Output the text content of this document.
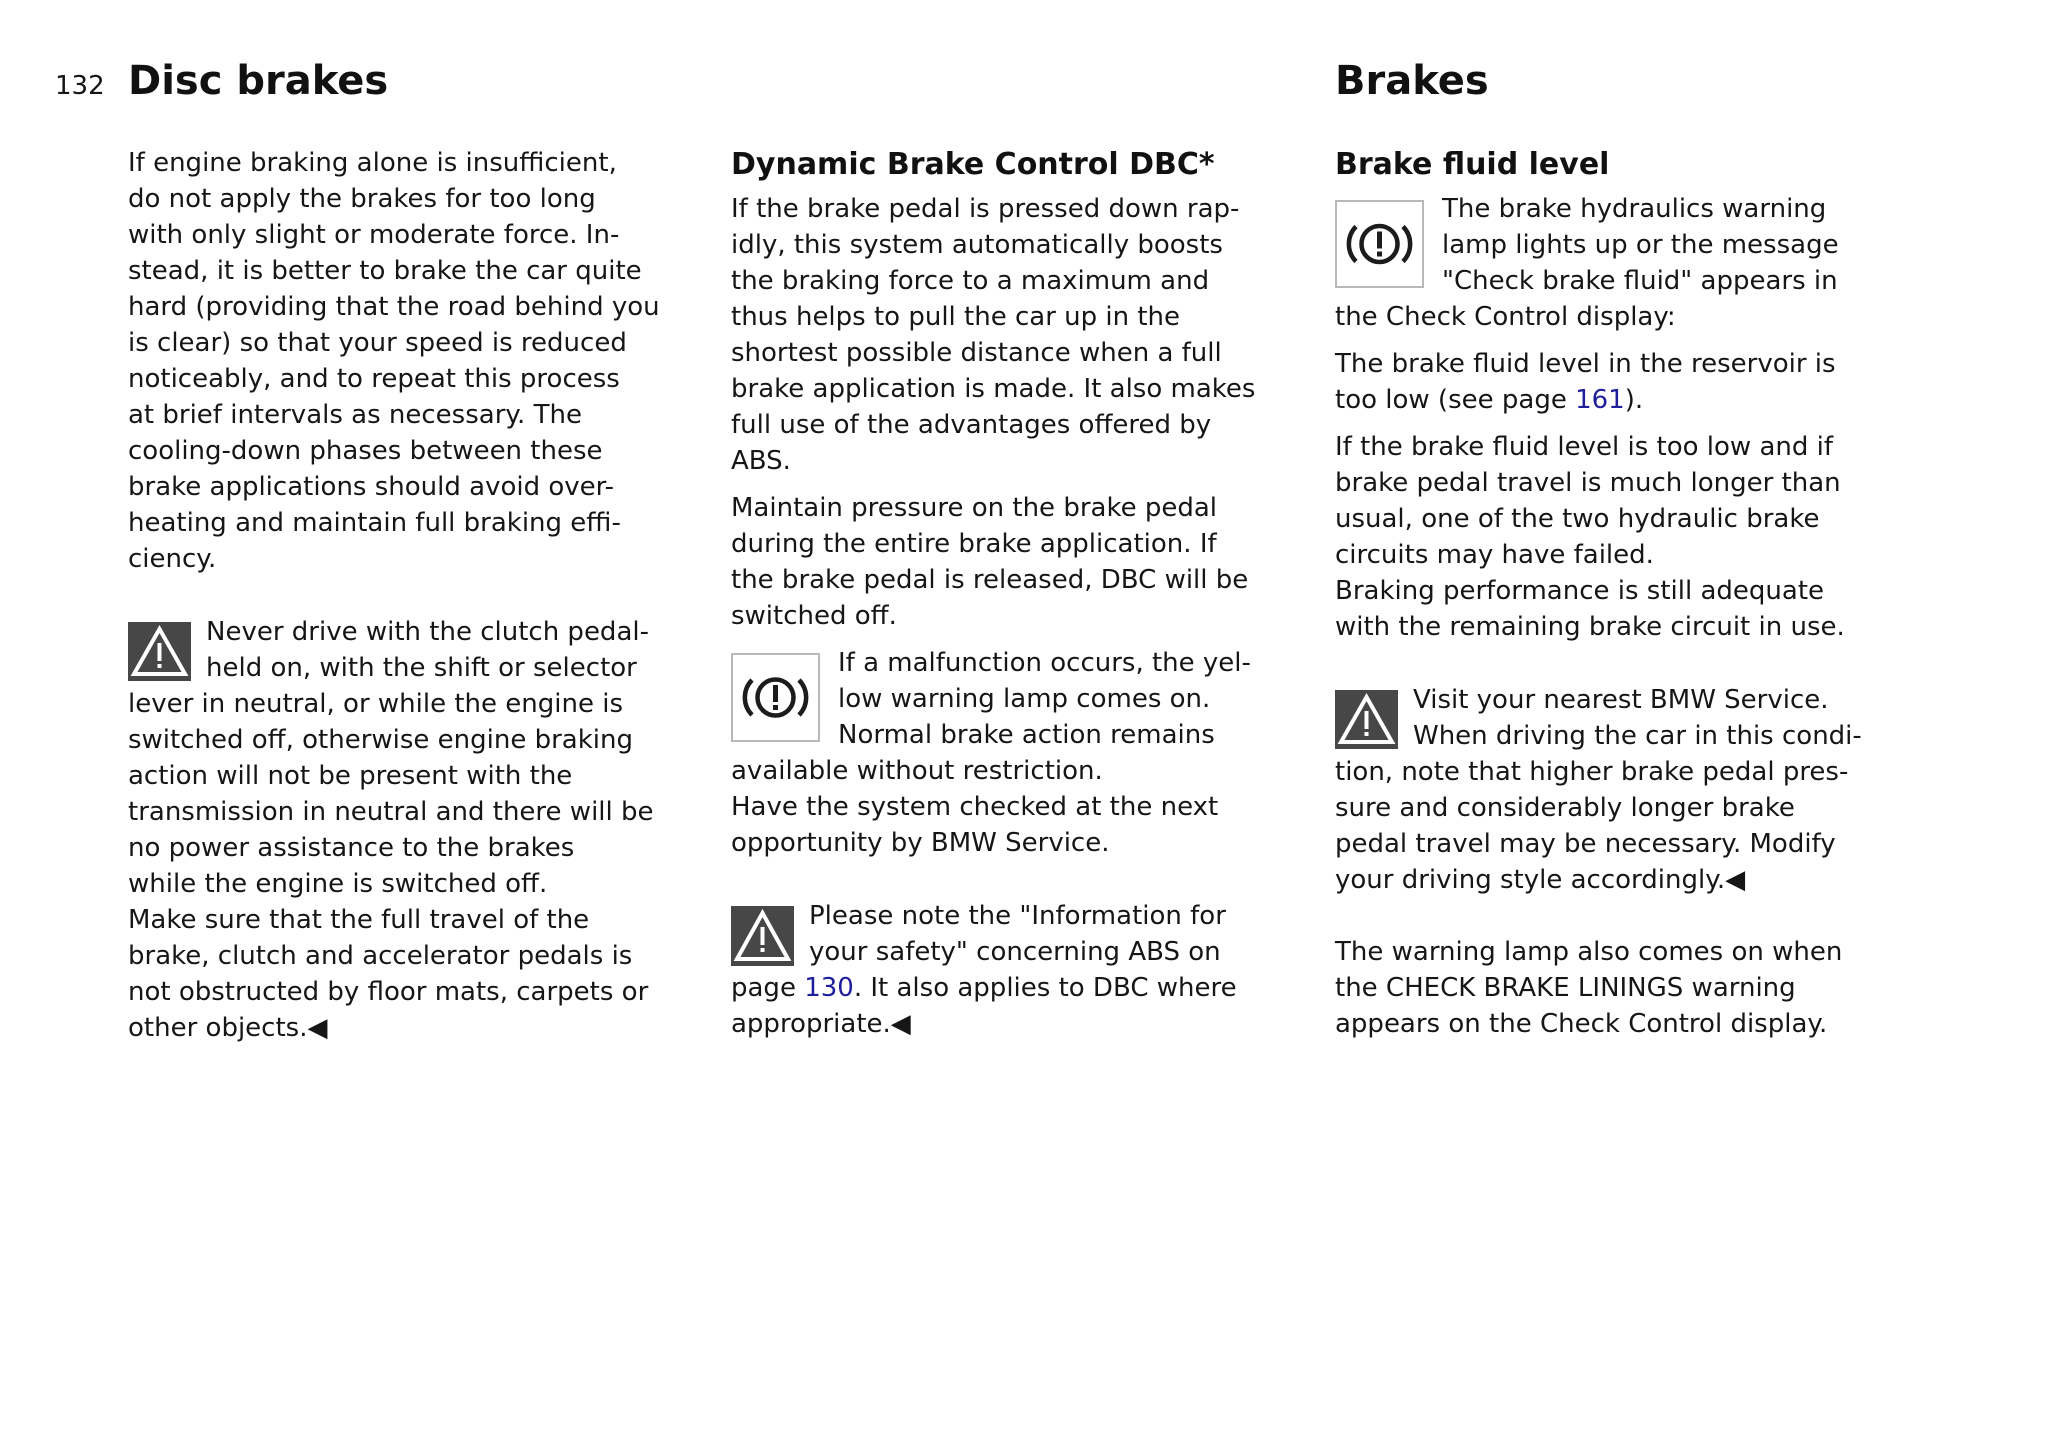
132 Disc brakes	Brakes
If engine braking alone is insufficient,
do not apply the brakes for too long
with only slight or moderate force. In-
stead, it is better to brake the car quite
hard (providing that the road behind you
is clear) so that your speed is reduced
noticeably, and to repeat this process
at brief intervals as necessary. The
cooling-down phases between these
brake applications should avoid over-
heating and maintain full braking effi-
ciency.
Never drive with the clutch pedal-
held on, with the shift or selector
lever in neutral, or while the engine is
switched off, otherwise engine braking
action will not be present with the
transmission in neutral and there will be
no power assistance to the brakes
while the engine is switched off.
Make sure that the full travel of the
brake, clutch and accelerator pedals is
not obstructed by floor mats, carpets or
other objects.◀
Dynamic Brake Control DBC*
If the brake pedal is pressed down rap-
idly, this system automatically boosts
the braking force to a maximum and
thus helps to pull the car up in the
shortest possible distance when a full
brake application is made. It also makes
full use of the advantages offered by
ABS.
Maintain pressure on the brake pedal
during the entire brake application. If
the brake pedal is released, DBC will be
switched off.
If a malfunction occurs, the yel-
low warning lamp comes on.
Normal brake action remains
available without restriction.
Have the system checked at the next
opportunity by BMW Service.
Please note the "Information for
your safety" concerning ABS on
page 130. It also applies to DBC where
appropriate.◀
Brake fluid level
The brake hydraulics warning
lamp lights up or the message
"Check brake fluid" appears in
the Check Control display:
The brake fluid level in the reservoir is
too low (see page 161).
If the brake fluid level is too low and if
brake pedal travel is much longer than
usual, one of the two hydraulic brake
circuits may have failed.
Braking performance is still adequate
with the remaining brake circuit in use.
Visit your nearest BMW Service.
When driving the car in this condi-
tion, note that higher brake pedal pres-
sure and considerably longer brake
pedal travel may be necessary. Modify
your driving style accordingly.◀
The warning lamp also comes on when
the CHECK BRAKE LININGS warning
appears on the Check Control display.
